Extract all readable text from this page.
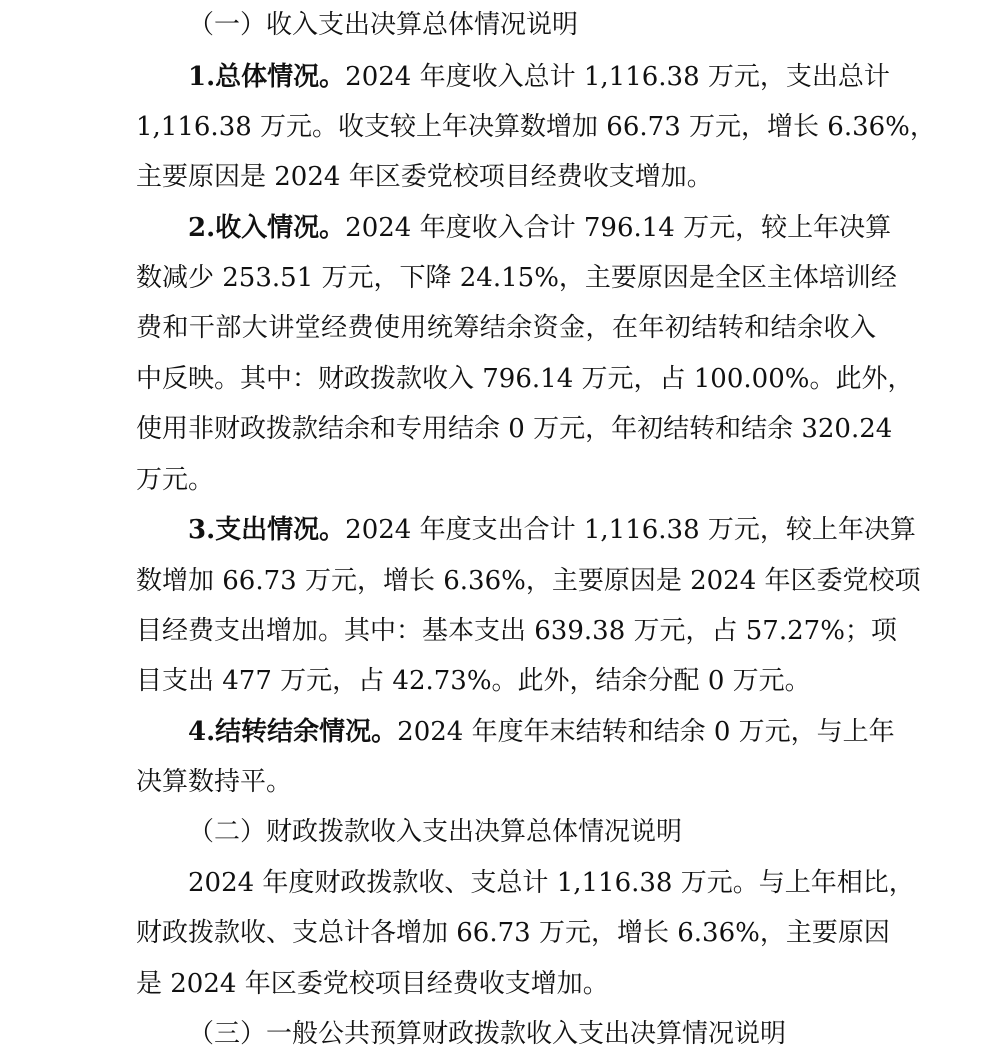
（一）收入支出决算总体情况说明
1.总体情况。2024 年度收入总计 1,116.38 万元，支出总计
1,116.38 万元。收支较上年决算数增加 66.73 万元，增长 6.36%，
主要原因是 2024 年区委党校项目经费收支增加。
2.收入情况。2024 年度收入合计 796.14 万元，较上年决算
数减少 253.51 万元，下降 24.15%，主要原因是全区主体培训经
费和干部大讲堂经费使用统筹结余资金，在年初结转和结余收入
中反映。其中：财政拨款收入 796.14 万元，占 100.00%。此外，
使用非财政拨款结余和专用结余 0 万元，年初结转和结余 320.24
万元。
3.支出情况。2024 年度支出合计 1,116.38 万元，较上年决算
数增加 66.73 万元，增长 6.36%，主要原因是 2024 年区委党校项
目经费支出增加。其中：基本支出 639.38 万元，占 57.27%；项
目支出 477 万元，占 42.73%。此外，结余分配 0 万元。
4.结转结余情况。2024 年度年末结转和结余 0 万元，与上年
决算数持平。
（二）财政拨款收入支出决算总体情况说明
2024 年度财政拨款收、支总计 1,116.38 万元。与上年相比，
财政拨款收、支总计各增加 66.73 万元，增长 6.36%，主要原因
是 2024 年区委党校项目经费收支增加。
（三）一般公共预算财政拨款收入支出决算情况说明
